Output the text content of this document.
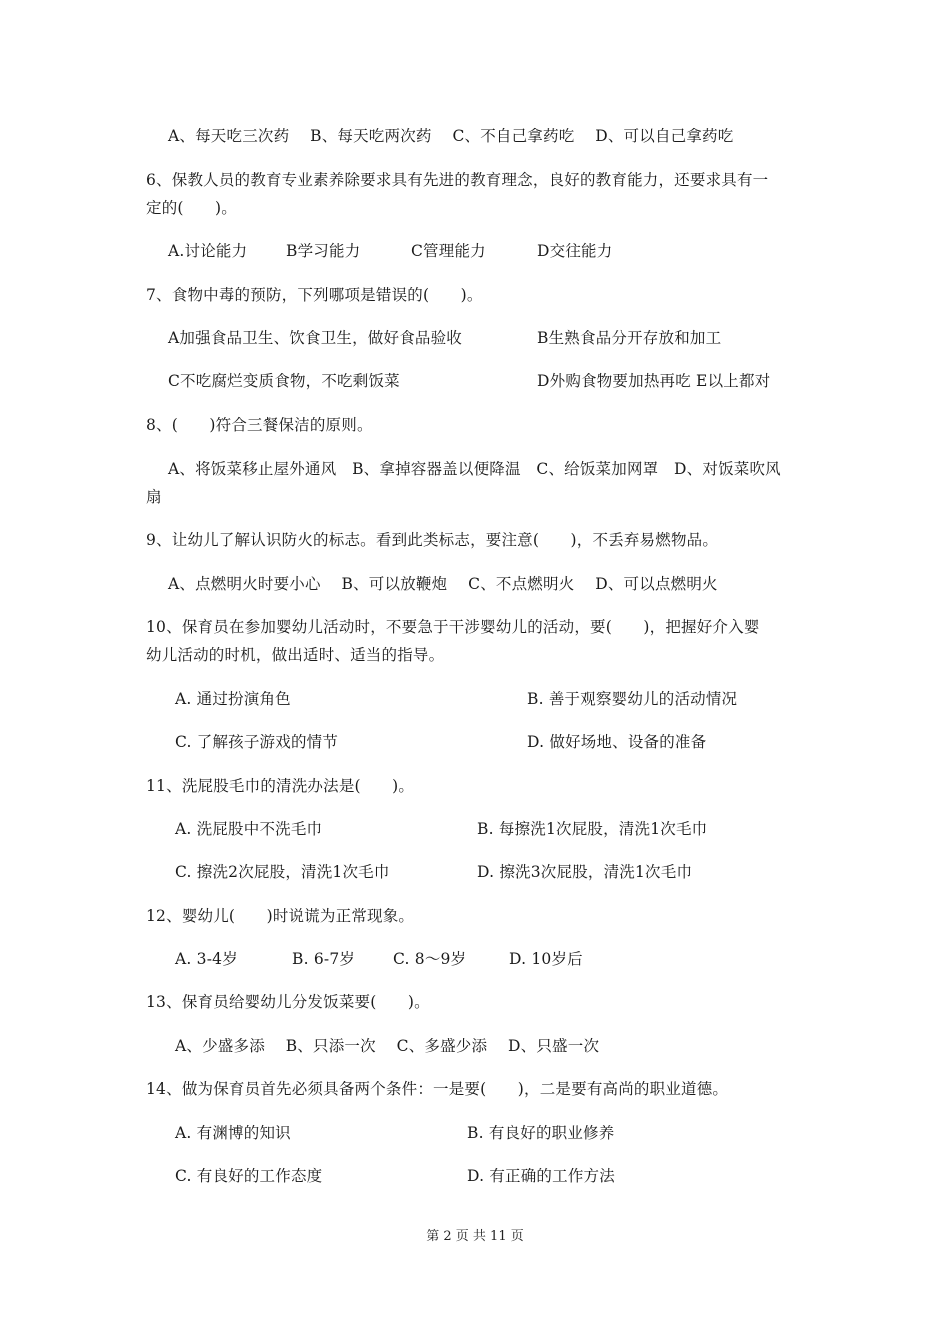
A、每天吃三次药　 B、每天吃两次药　 C、不自己拿药吃　 D、可以自己拿药吃
6、保教人员的教育专业素养除要求具有先进的教育理念，良好的教育能力，还要求具有一
定的(　　)。
A.讨论能力 B学习能力	C管理能力	D交往能力
7、食物中毒的预防，下列哪项是错误的(　　)。
A加强食品卫生、饮食卫生，做好食品验收	B生熟食品分开存放和加工
C不吃腐烂变质食物，不吃剩饭菜	D外购食物要加热再吃 E以上都对
8、(　　)符合三餐保洁的原则。
A、将饭菜移止屋外通风　B、拿掉容器盖以便降温　C、给饭菜加网罩　D、对饭菜吹风
扇
9、让幼儿了解认识防火的标志。看到此类标志，要注意(　　)，不丢弃易燃物品。
A、点燃明火时要小心　 B、可以放鞭炮　 C、不点燃明火　 D、可以点燃明火
10、保育员在参加婴幼儿活动时，不要急于干涉婴幼儿的活动，要(　　)，把握好介入婴
幼儿活动的时机，做出适时、适当的指导。
A. 通过扮演角色	B. 善于观察婴幼儿的活动情况
C. 了解孩子游戏的情节	D. 做好场地、设备的准备
11、洗屁股毛巾的清洗办法是(　　)。
A. 洗屁股中不洗毛巾	B. 每擦洗1次屁股，清洗1次毛巾
C. 擦洗2次屁股，清洗1次毛巾	D. 擦洗3次屁股，清洗1次毛巾
12、婴幼儿(　　)时说谎为正常现象。
A. 3-4岁	B. 6-7岁 C. 8～9岁	D. 10岁后
13、保育员给婴幼儿分发饭菜要(　　)。
A、少盛多添　 B、只添一次　 C、多盛少添　 D、只盛一次
14、做为保育员首先必须具备两个条件：一是要(　　)，二是要有高尚的职业道德。
A. 有渊博的知识	B. 有良好的职业修养
C. 有良好的工作态度	D. 有正确的工作方法
第 2 页 共 11 页
